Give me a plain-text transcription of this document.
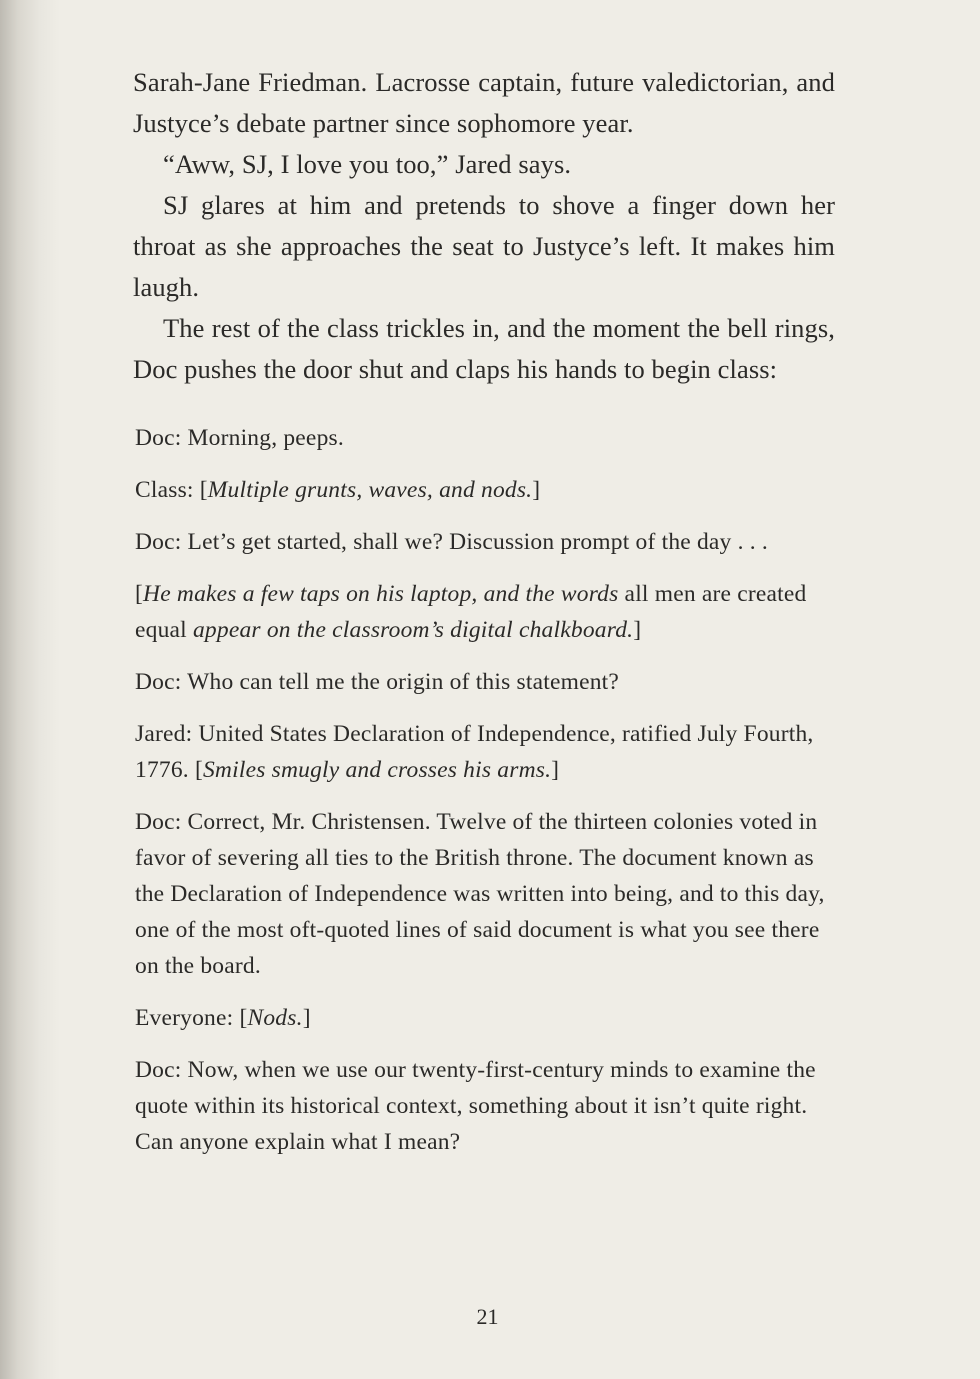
Sarah-Jane Friedman. Lacrosse captain, future valedictorian, and Justyce’s debate partner since sophomore year.

“Aww, SJ, I love you too,” Jared says.

SJ glares at him and pretends to shove a finger down her throat as she approaches the seat to Justyce’s left. It makes him laugh.

The rest of the class trickles in, and the moment the bell rings, Doc pushes the door shut and claps his hands to begin class:

Doc: Morning, peeps.

Class: [Multiple grunts, waves, and nods.]

Doc: Let’s get started, shall we? Discussion prompt of the day . . .

[He makes a few taps on his laptop, and the words all men are created equal appear on the classroom’s digital chalkboard.]

Doc: Who can tell me the origin of this statement?

Jared: United States Declaration of Independence, ratified July Fourth, 1776. [Smiles smugly and crosses his arms.]

Doc: Correct, Mr. Christensen. Twelve of the thirteen colonies voted in favor of severing all ties to the British throne. The document known as the Declaration of Independence was written into being, and to this day, one of the most oft-quoted lines of said document is what you see there on the board.

Everyone: [Nods.]

Doc: Now, when we use our twenty-first-century minds to examine the quote within its historical context, something about it isn’t quite right. Can anyone explain what I mean?

21
